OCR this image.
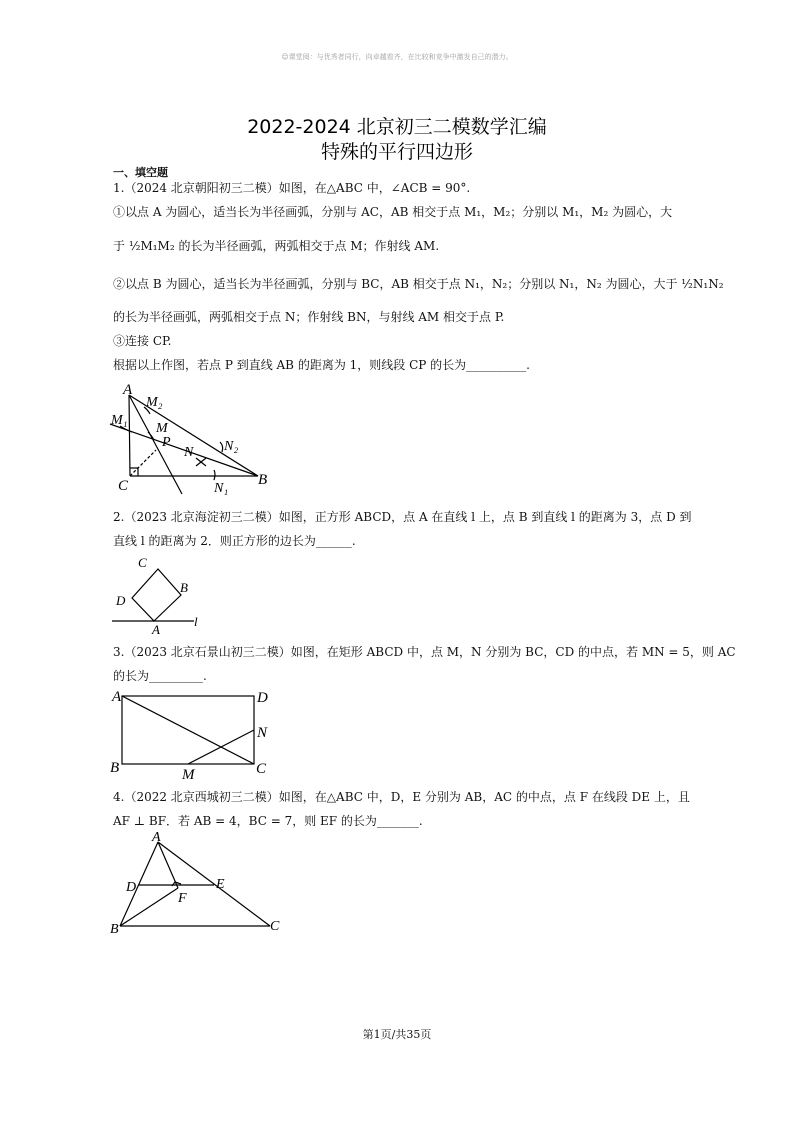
☺课堂阅：与优秀者同行，向卓越看齐，在比较和竞争中激发自己的潜力。
2022-2024 北京初三二模数学汇编
特殊的平行四边形
一、填空题
1.（2024 北京朝阳初三二模）如图，在△ABC 中，∠ACB = 90°.
①以点 A 为圆心，适当长为半径画弧，分别与 AC，AB 相交于点 M₁，M₂；分别以 M₁，M₂ 为圆心，大
于 ½M₁M₂ 的长为半径画弧，两弧相交于点 M；作射线 AM.
②以点 B 为圆心，适当长为半径画弧，分别与 BC，AB 相交于点 N₁，N₂；分别以 N₁，N₂ 为圆心，大于 ½N₁N₂
的长为半径画弧，两弧相交于点 N；作射线 BN，与射线 AM 相交于点 P.
③连接 CP.
根据以上作图，若点 P 到直线 AB 的距离为 1，则线段 CP 的长为__________.
A
M₂
M₁
M
P
N N₂
C	N₁
B
2.（2023 北京海淀初三二模）如图，正方形 ABCD，点 A 在直线 l 上，点 B 到直线 l 的距离为 3，点 D 到
直线 l 的距离为 2．则正方形的边长为______.
C
B
D
A
l
3.（2023 北京石景山初三二模）如图，在矩形 ABCD 中，点 M，N 分别为 BC，CD 的中点，若 MN = 5，则 AC
的长为_________.
A	D
N
B	M	C
4.（2022 北京西城初三二模）如图，在△ABC 中，D，E 分别为 AB，AC 的中点，点 F 在线段 DE 上，且
AF ⊥ BF．若 AB = 4，BC = 7，则 EF 的长为_______.
A
D	E
F
B	C
第1页/共35页
